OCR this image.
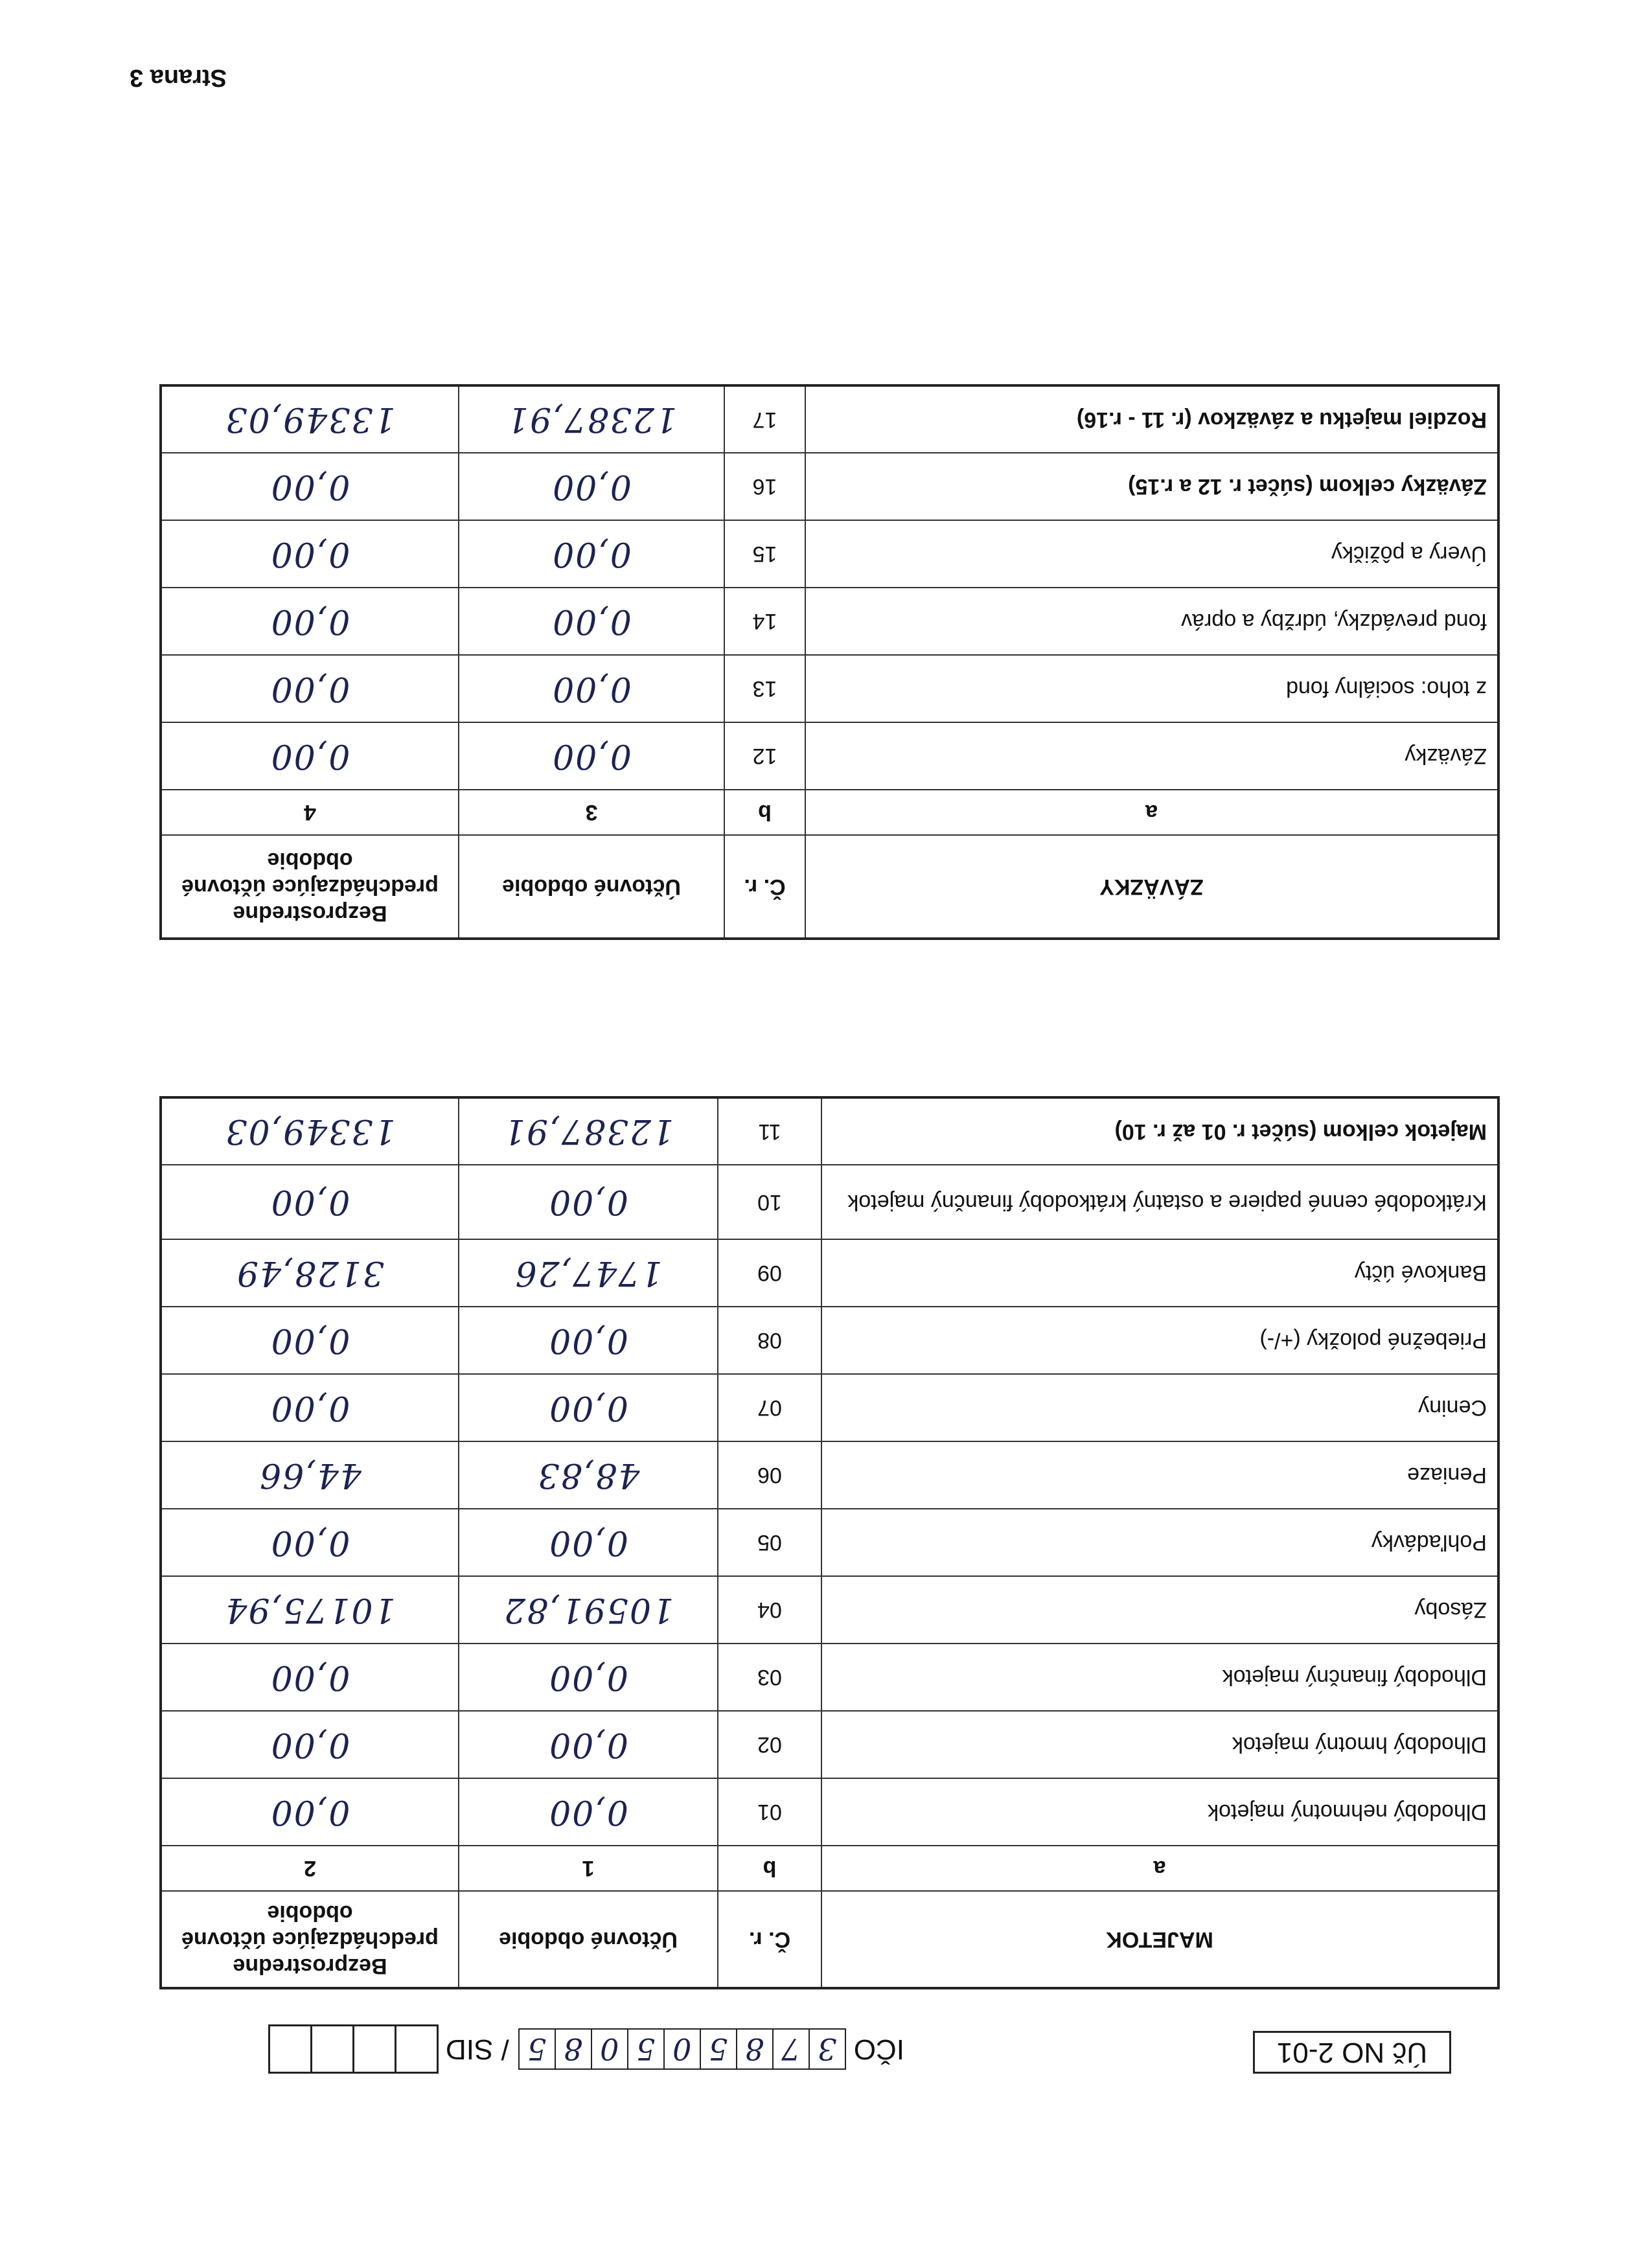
Úč NO 2-01
IČO
3
7
8
5
0
5
0
8
5
/ SID
MAJETOK	Č. r.	Účtovné obdobie	Bezprostredne predchádzajúce účtovné obdobie
a	b	1	2
Dlhodobý nehmotný majetok	01	0,00	0,00
Dlhodobý hmotný majetok	02	0,00	0,00
Dlhodobý finančný majetok	03	0,00	0,00
Zásoby	04	10591,82	10175,94
Pohľadávky	05	0,00	0,00
Peniaze	06	48,83	44,66
Ceniny	07	0,00	0,00
Priebežné položky (+/-)	08	0,00	0,00
Bankové účty	09	1747,26	3128,49
Krátkodobé cenné papiere a ostatný krátkodobý finančný majetok	10	0,00	0,00
Majetok celkom (súčet r. 01 až r. 10)	11	12387,91	13349,03
ZÁVÄZKY	Č. r.	Účtovné obdobie	Bezprostredne predchádzajúce účtovné obdobie
a	b	3	4
Záväzky	12	0,00	0,00
z toho: sociálny fond	13	0,00	0,00
fond prevádzky, údržby a opráv	14	0,00	0,00
Úvery a pôžičky	15	0,00	0,00
Záväzky celkom (súčet r. 12 a r.15)	16	0,00	0,00
Rozdiel majetku a záväzkov (r. 11 - r.16)	17	12387,91	13349,03
Strana 3
